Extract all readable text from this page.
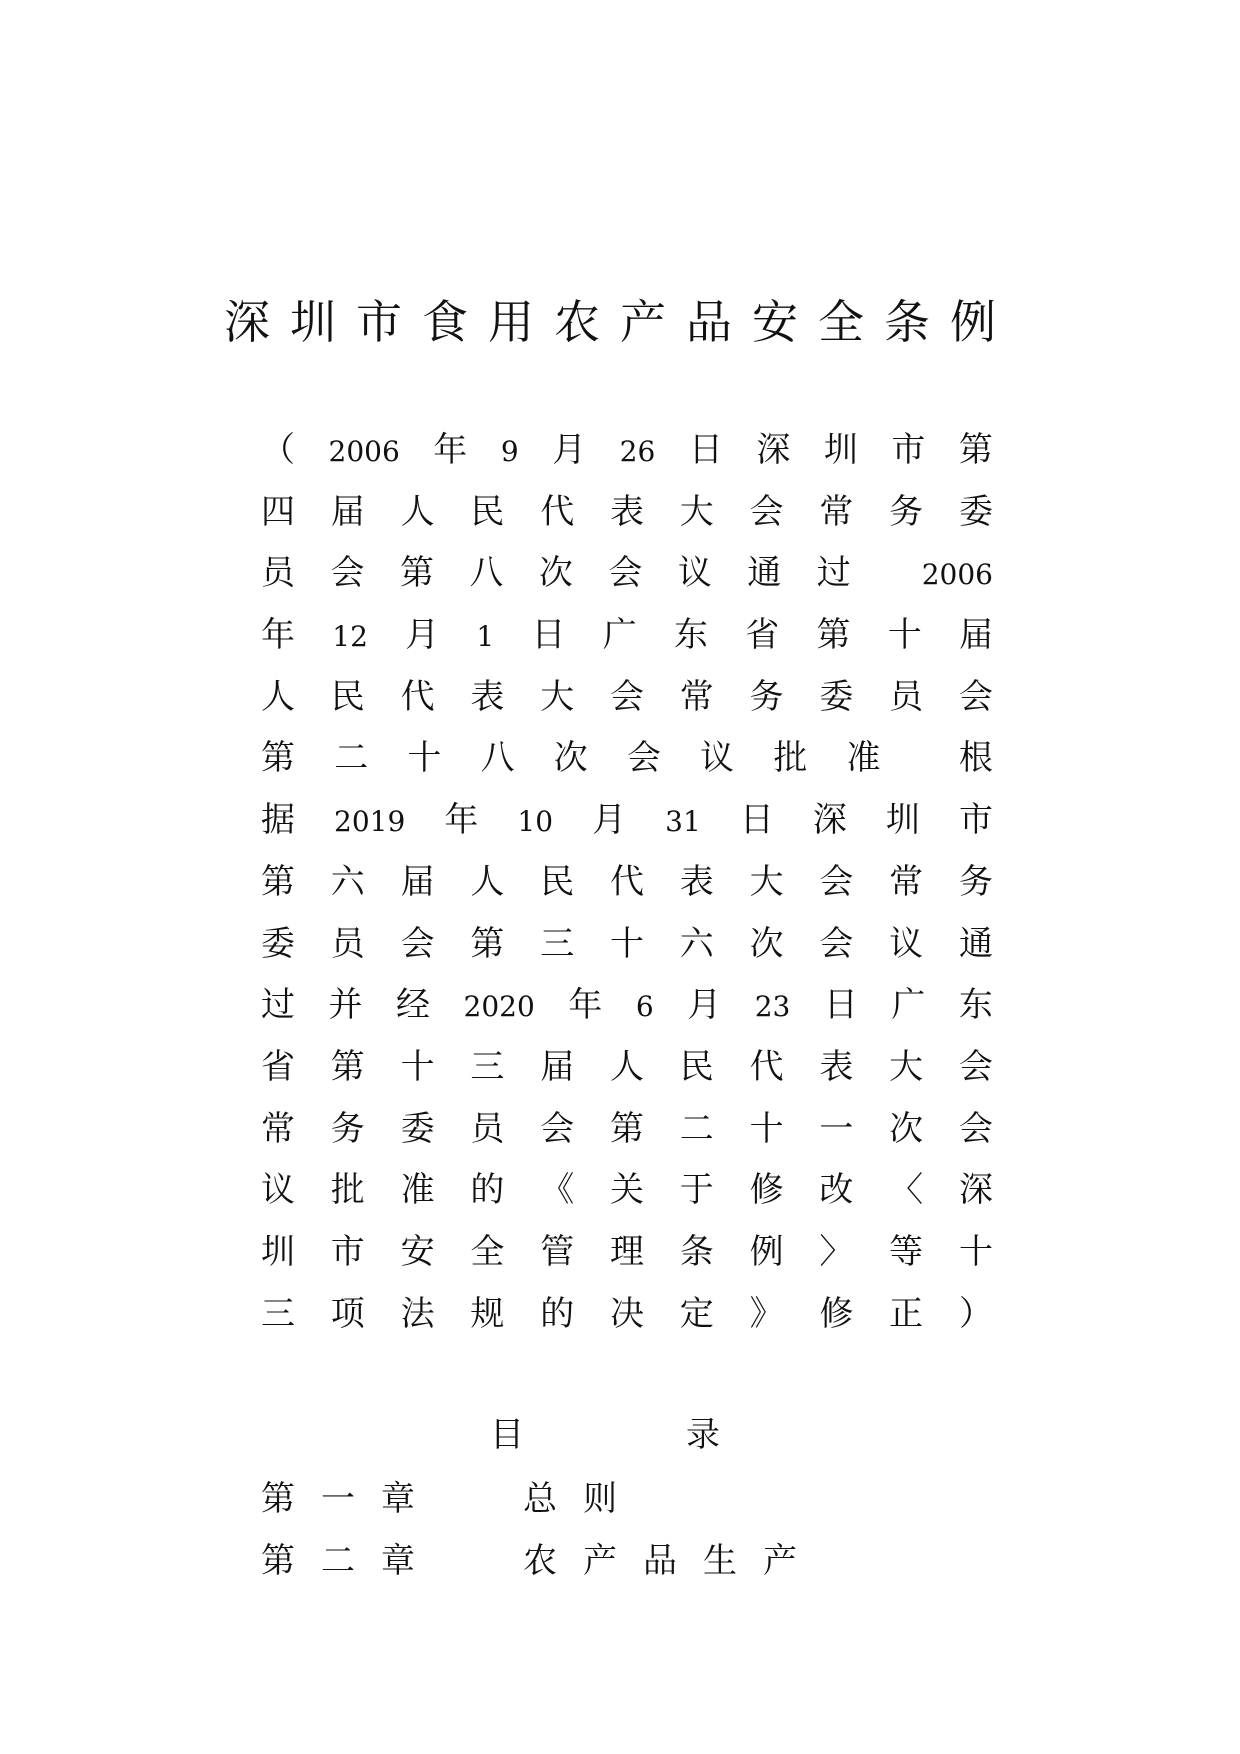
深圳市食用农产品安全条例
（ 2006 年 9 月 26 日 深 圳 市 第
四 届 人 民 代 表 大 会 常 务 委
员 会 第 八 次 会 议 通 过	2006
年 12 月 1 日 广 东 省 第 十 届
人 民 代 表 大 会 常 务 委 员 会
第 二 十 八 次 会 议 批 准 根
据 2019 年 10 月 31 日 深 圳 市
第 六 届 人 民 代 表 大 会 常 务
委 员 会 第 三 十 六 次 会 议 通
过 并 经 2020 年 6 月 23 日 广 东
省 第 十 三 届 人 民 代 表 大 会
常 务 委 员 会 第 二 十 一 次 会
议 批 准 的 《 关 于 修 改 〈 深
圳 市 安 全 管 理 条 例 〉 等 十
三 项 法 规 的 决 定 》 修 正 ）
目	录
第一章 总则
第二章 农产品生产
